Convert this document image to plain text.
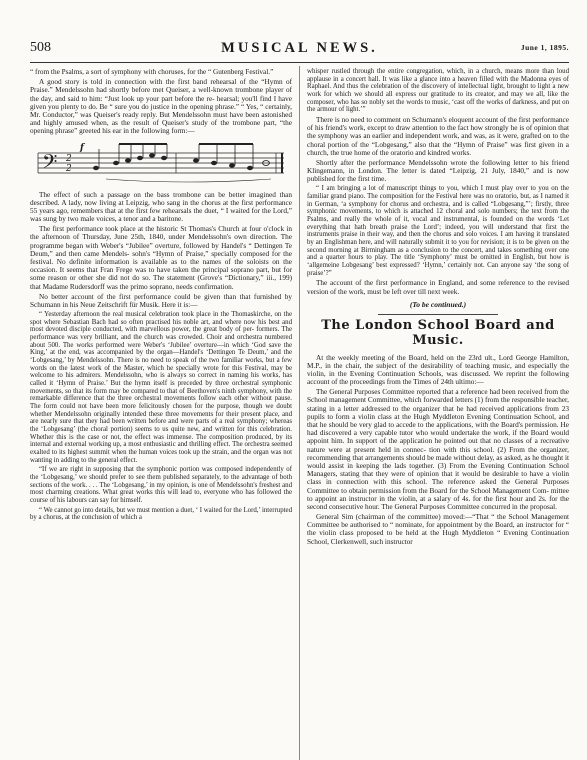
508	MUSICAL NEWS.	June 1, 1895.

“ from the Psalms, a sort of symphony with choruses, for the “ Gutenberg Festival.”

A good story is told in connection with the first band rehearsal of the “Hymn of Praise.” Mendelssohn had shortly before met Queiser, a well-known trombone player of the day, and said to him: “Just look up your part before the re- hearsal; you'll find I have given you plenty to do. Be “ sure you do justice in the opening phrase.” “ Yes, “ certainly, Mr. Conductor,” was Queiser's ready reply. But Mendelssohn must have been astonished and highly amused when, as the result of Queiser's study of the trombone part, “the opening phrase” greeted his ear in the following form:—

𝄢 2
2
f

The effect of such a passage on the bass trombone can be better imagined than described. A lady, now living at Leipzig, who sang in the chorus at the first performance 55 years ago, remembers that at the first few rehearsals the duet, “ I waited for the Lord,” was sung by two male voices, a tenor and a baritone.

The first performance took place at the historic St Thomas's Church at four o'clock in the afternoon of Thursday, June 25th, 1840, under Mendelssohn's own direction. The programme began with Weber's “Jubilee” overture, followed by Handel's “ Dettingen Te Deum,” and then came Mendels- sohn's “Hymn of Praise,” specially composed for the festival. No definite information is available as to the names of the soloists on the occasion. It seems that Fran Frege was to have taken the principal soprano part, but for some reason or other she did not do so. The statement (Grove's “Dictionary,” iii., 199) that Madame Rudersdorff was the primo soprano, needs confirmation.

No better account of the first performance could be given than that furnished by Schumann in his Neue Zeitschrift für Musik. Here it is:—

“ Yesterday afternoon the real musical celebration took place in the Thomaskirche, on the spot where Sebastian Bach had so often practised his noble art, and where now his best and most devoted disciple conducted, with marvellous power, the great body of per- formers. The performance was very brilliant, and the church was crowded. Choir and orchestra numbered about 500. The works performed were Weber's ‘Jubilee’ overture—in which ‘God save the King,’ at the end, was accompanied by the organ—Handel's ‘Dettingen Te Deum,’ and the ‘Lobgesang,’ by Mendelssohn. There is no need to speak of the two familiar works, but a few words on the latest work of the Master, which he specially wrote for this Festival, may be welcome to his admirers. Mendelssohn, who is always so correct in naming his works, has called it ‘Hymn of Praise.’ But the hymn itself is preceded by three orchestral symphonic movements, so that its form may be compared to that of Beethoven's ninth symphony, with the remarkable difference that the three orchestral movements follow each other without pause. The form could not have been more felicitously chosen for the purpose, though we doubt whether Mendelssohn originally intended these three movements for their present place, and are nearly sure that they had been written before and were parts of a real symphony; whereas the ‘Lobgesang’ (the choral portion) seems to us quite new, and written for this celebration. Whether this is the case or not, the effect was immense. The composition produced, by its internal and external working up, a most enthusiastic and thrilling effect. The orchestra seemed exalted to its highest summit when the human voices took up the strain, and the organ was not wanting in adding to the general effect.

“If we are right in supposing that the symphonic portion was composed independently of the ‘Lobgesang,’ we should prefer to see them published separately, to the advantage of both sections of the work. . . . The ‘Lobgesang,’ in my opinion, is one of Mendelssohn's freshest and most charming creations. What great works this will lead to, everyone who has followed the course of his labours can say for himself.

“ We cannot go into details, but we must mention a duet, ‘ I waited for the Lord,’ interrupted by a chorus, at the conclusion of which a

whisper rustled through the entire congregation, which, in a church, means more than loud applause in a concert hall. It was like a glance into a heaven filled with the Madonna eyes of Raphael. And thus the celebration of the discovery of intellectual light, brought to light a new work for which we should all express our gratitude to its creator, and may we all, like the composer, who has so nobly set the words to music, ‘cast off the works of darkness, and put on the armour of light.’”

There is no need to comment on Schumann's eloquent account of the first performance of his friend's work, except to draw attention to the fact how strongly he is of opinion that the symphony was an earlier and independent work, and was, as it were, grafted on to the choral portion of the “Lobgesang,” also that the “Hymn of Praise” was first given in a church, the true home of the oratorio and kindred works.

Shortly after the performance Mendelssohn wrote the following letter to his friend Klingemann, in London. The letter is dated “Leipzig, 21 July, 1840,” and is now published for the first time.

“ I am bringing a lot of manuscript things to you, which I must play over to you on the familiar grand piano. The composition for the Festival here was no oratorio, but, as I named it in German, ‘a symphony for chorus and orchestra, and is called “Lobgesang,”’; firstly, three symphonic movements, to which is attached 12 choral and solo numbers; the text from the Psalms, and really the whole of it, vocal and instrumental, is founded on the words ‘Let everything that hath breath praise the Lord’; indeed, you will understand that first the instruments praise in their way, and then the chorus and solo voices. I am having it translated by an Englishman here, and will naturally submit it to you for revision; it is to be given on the second morning at Birmingham as a conclusion to the concert, and takes something over one and a quarter hours to play. The title ‘Symphony’ must be omitted in English, but how is ‘allgemeine Lobgesang’ best expressed? ‘Hymn,’ certainly not. Can anyone say ‘the song of praise’?”

The account of the first performance in England, and some reference to the revised version of the work, must be left over till next week.

(To be continued.)
The London School Board and Music.

At the weekly meeting of the Board, held on the 23rd ult., Lord George Hamilton, M.P., in the chair, the subject of the desirability of teaching music, and especially the violin, in the Evening Continuation Schools, was discussed. We reprint the following account of the proceedings from the Times of 24th ultimo:—

The General Purposes Committee reported that a reference had been received from the School management Committee, which forwarded letters (1) from the responsible teacher, stating in a letter addressed to the organizer that he had received applications from 23 pupils to form a violin class at the Hugh Myddleton Evening Continuation School, and that he should be very glad to accede to the applications, with the Board's permission. He had discovered a very capable tutor who would undertake the work, if the Board would appoint him. In support of the application he pointed out that no classes of a recreative nature were at present held in connec- tion with this school. (2) From the organizer, recommending that arrangements should be made without delay, as asked, as he thought it would assist in keeping the lads together. (3) From the Evening Continuation School Managers, stating that they were of opinion that it would be desirable to have a violin class in connection with this school. The reference asked the General Purposes Committee to obtain permission from the Board for the School Management Com- mittee to appoint an instructor in the violin, at a salary of 4s. for the first hour and 2s. for the second consecutive hour. The General Purposes Committee concurred in the proposal.

General Sim (chairman of the committee) moved:—“That “ the School Management Committee be authorised to “ nominate, for appointment by the Board, an instructor for “ the violin class proposed to be held at the Hugh Myddleton “ Evening Continuation School, Clerkenwell, such instructor
